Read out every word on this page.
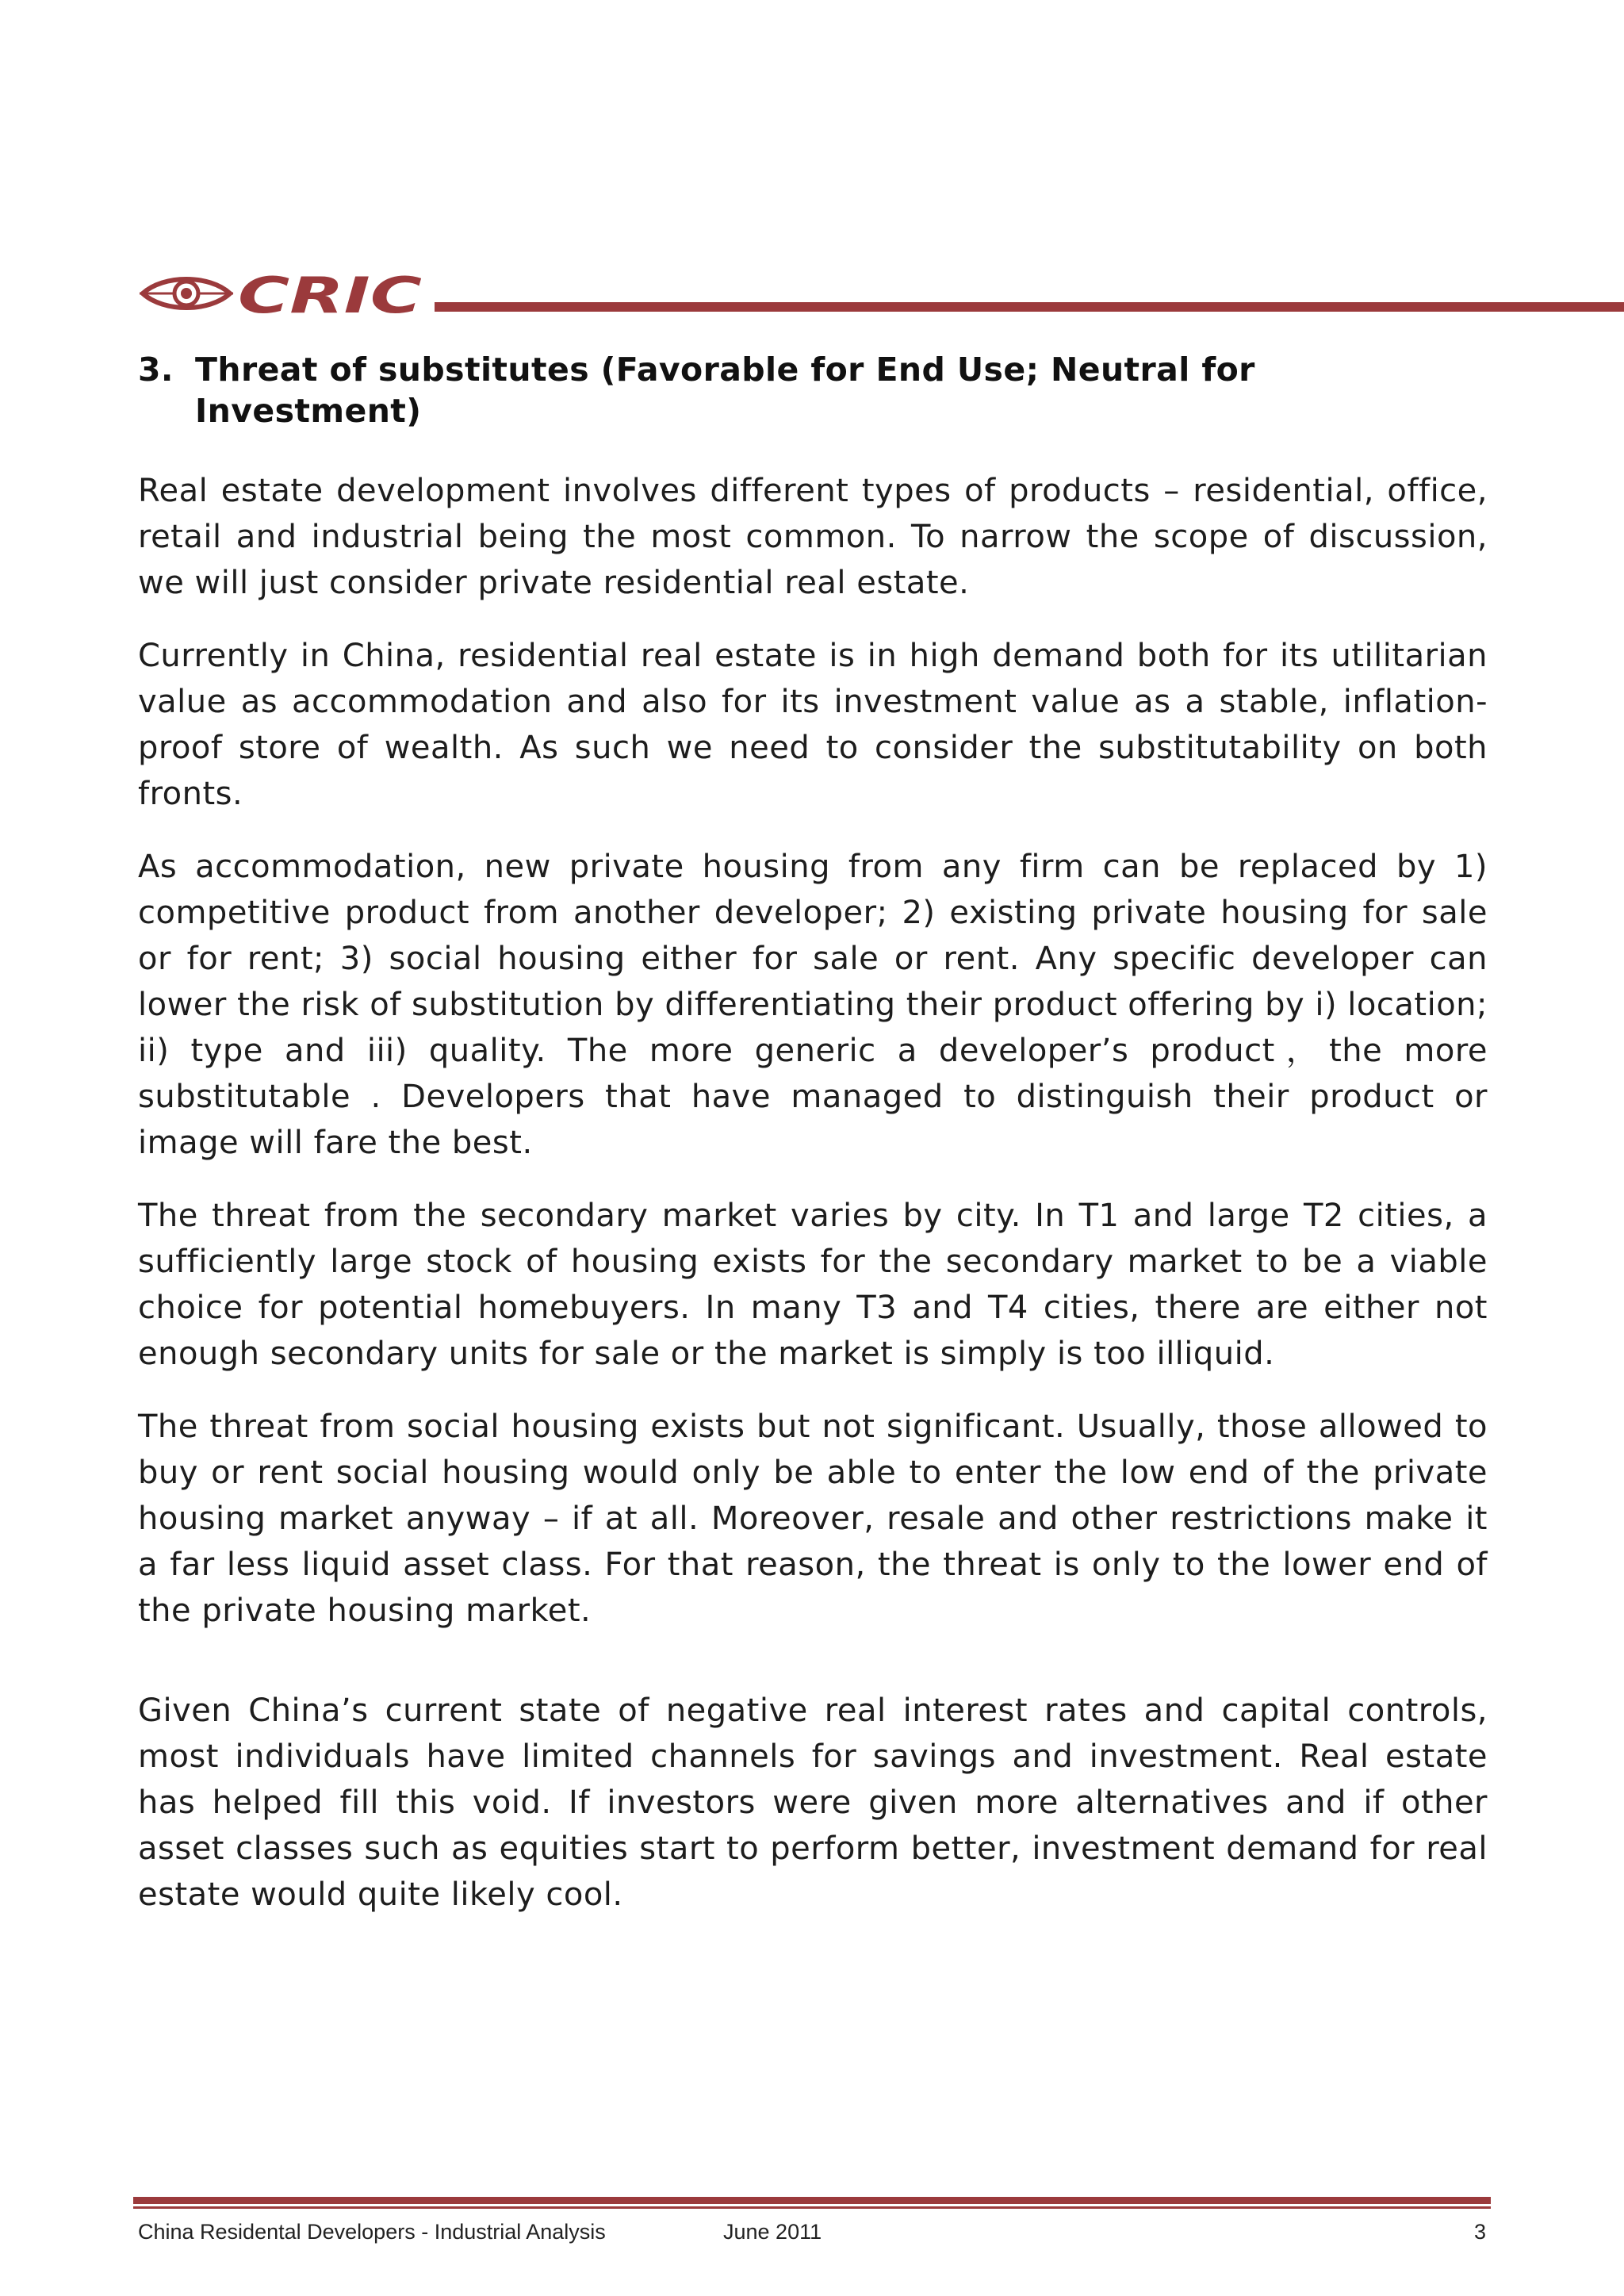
CRIC
3. Threat of substitutes (Favorable for End Use; Neutral for Investment)

Real estate development involves different types of products – residential, office, retail and industrial being the most common. To narrow the scope of discussion, we will just consider private residential real estate.

Currently in China, residential real estate is in high demand both for its utilitarian value as accommodation and also for its investment value as a stable, inflation-proof store of wealth. As such we need to consider the substitutability on both fronts.

As accommodation, new private housing from any firm can be replaced by 1) competitive product from another developer; 2) existing private housing for sale or for rent; 3) social housing either for sale or rent. Any specific developer can lower the risk of substitution by differentiating their product offering by i) location; ii) type and iii) quality. The more generic a developer’s product，the more substitutable . Developers that have managed to distinguish their product or image will fare the best.

The threat from the secondary market varies by city. In T1 and large T2 cities, a sufficiently large stock of housing exists for the secondary market to be a viable choice for potential homebuyers. In many T3 and T4 cities, there are either not enough secondary units for sale or the market is simply is too illiquid.

The threat from social housing exists but not significant. Usually, those allowed to buy or rent social housing would only be able to enter the low end of the private housing market anyway – if at all. Moreover, resale and other restrictions make it a far less liquid asset class. For that reason, the threat is only to the lower end of the private housing market.

Given China’s current state of negative real interest rates and capital controls, most individuals have limited channels for savings and investment. Real estate has helped fill this void. If investors were given more alternatives and if other asset classes such as equities start to perform better, investment demand for real estate would quite likely cool.

China Residental Developers - Industrial Analysis	June 2011	3
